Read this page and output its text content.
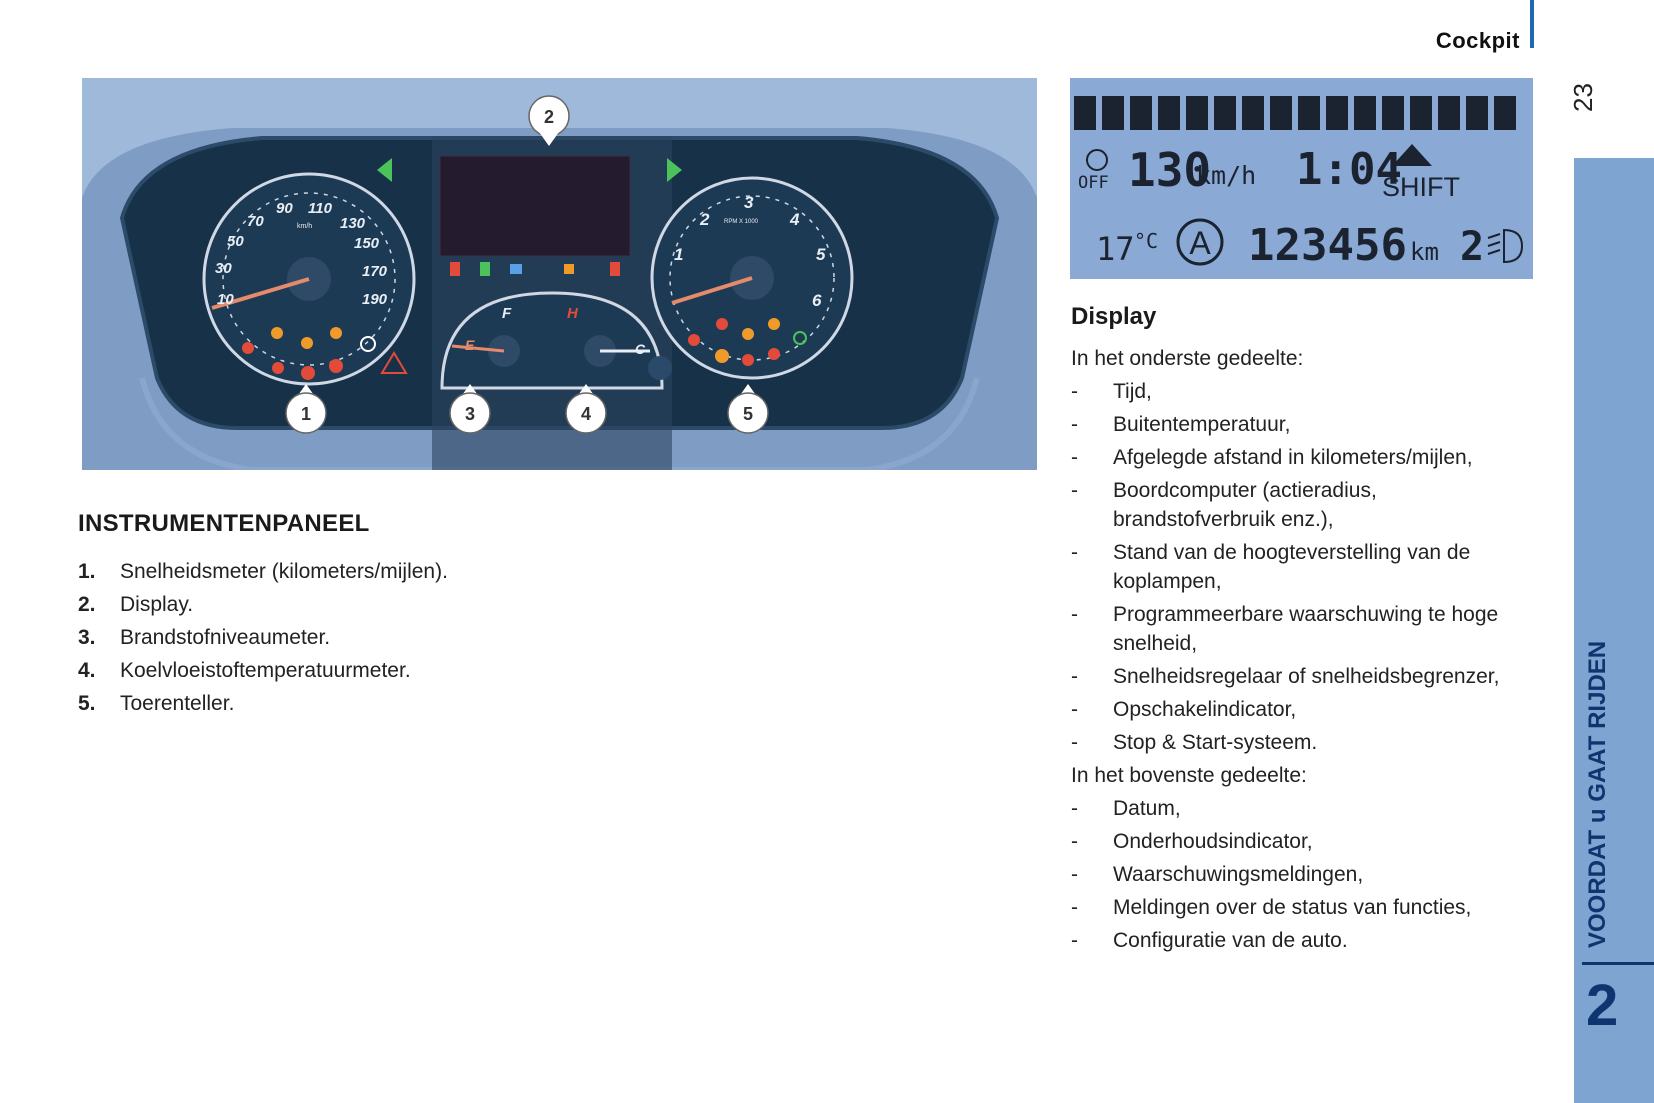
Cockpit
23
VOORDAT u GAAT RIJDEN
2
10
30
50
70
90 110
130
150
170
190
km/h
E
F
C
H
1
2
3
4
5
6
RPM X 1000
2
1	3	4	5
OFF 130
km/h 1:04
SHIFT
17 °C A 123456 km 2
INSTRUMENTENPANEEL
1.	Snelheidsmeter (kilometers/mijlen).
2.	Display.
3.	Brandstofniveaumeter.
4.	Koelvloeistoftemperatuurmeter.
5.	Toerenteller.
Display

In het onderste gedeelte:

-	Tijd,
-	Buitentemperatuur,
-	Afgelegde afstand in kilometers/mijlen,
-	Boordcomputer (actieradius, brandstofverbruik enz.),
-	Stand van de hoogteverstelling van de koplampen,
-	Programmeerbare waarschuwing te hoge snelheid,
-	Snelheidsregelaar of snelheidsbegrenzer,
-	Opschakelindicator,
-	Stop & Start-systeem.

In het bovenste gedeelte:

-	Datum,
-	Onderhoudsindicator,
-	Waarschuwingsmeldingen,
-	Meldingen over de status van functies,
-	Configuratie van de auto.
